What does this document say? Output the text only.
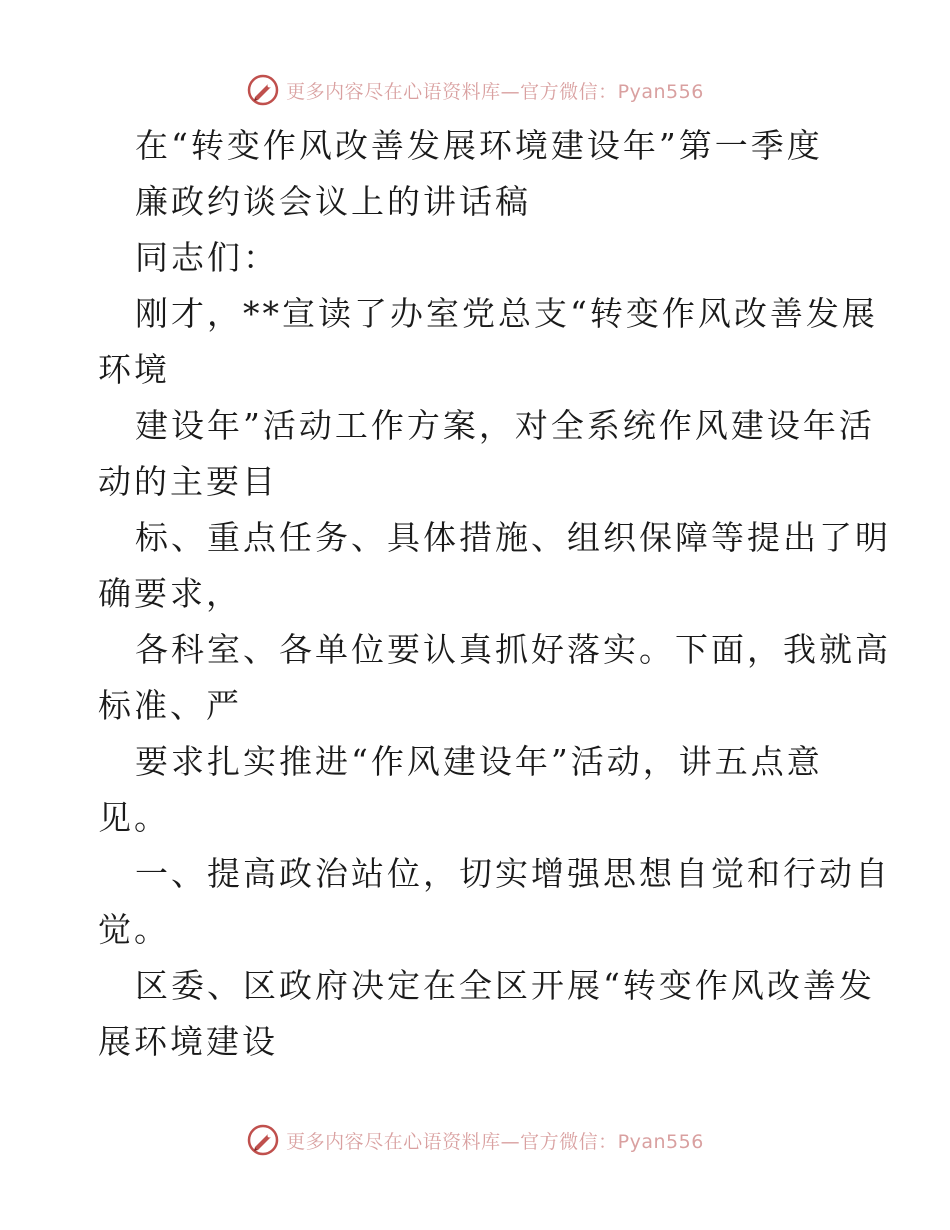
更多内容尽在心语资料库—官方微信：Pyan556
在“转变作风改善发展环境建设年”第一季度
廉政约谈会议上的讲话稿
同志们：
刚才，**宣读了办室党总支“转变作风改善发展
环境
建设年”活动工作方案，对全系统作风建设年活
动的主要目
标、重点任务、具体措施、组织保障等提出了明
确要求，
各科室、各单位要认真抓好落实。下面，我就高
标准、严
要求扎实推进“作风建设年”活动，讲五点意
见。
一、提高政治站位，切实增强思想自觉和行动自
觉。
区委、区政府决定在全区开展“转变作风改善发
展环境建设
更多内容尽在心语资料库—官方微信：Pyan556
